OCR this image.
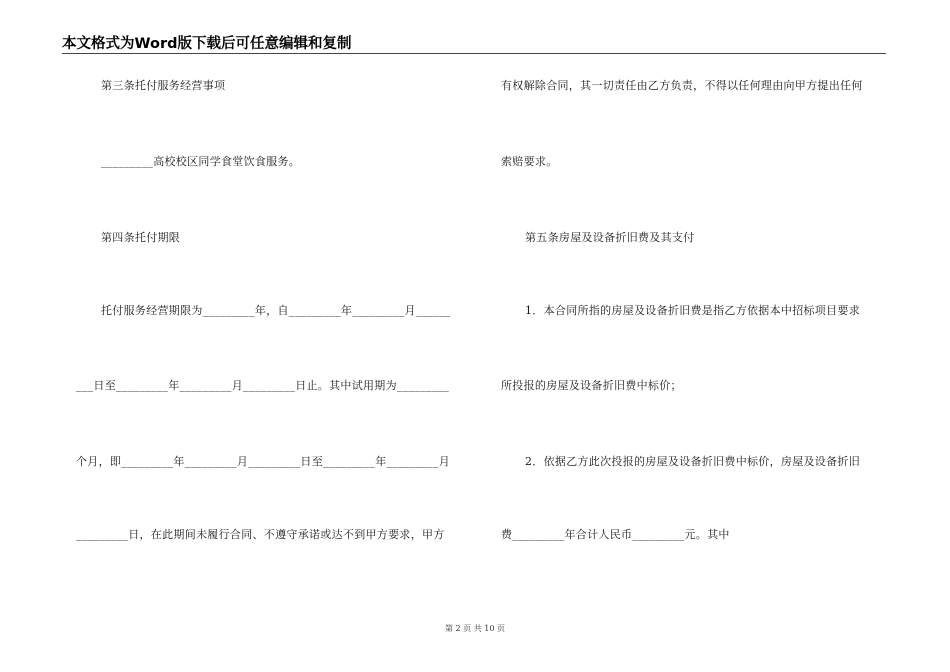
本文格式为Word版下载后可任意编辑和复制
第三条托付服务经营事项
_________高校校区同学食堂饮食服务。
第四条托付期限
托付服务经营期限为_________年，自_________年_________月______
___日至_________年_________月_________日止。其中试用期为_________
个月，即_________年_________月_________日至_________年_________月
_________日，在此期间未履行合同、不遵守承诺或达不到甲方要求，甲方
有权解除合同，其一切责任由乙方负责，不得以任何理由向甲方提出任何
索赔要求。
第五条房屋及设备折旧费及其支付
1．本合同所指的房屋及设备折旧费是指乙方依据本中招标项目要求
所投报的房屋及设备折旧费中标价；
2．依据乙方此次投报的房屋及设备折旧费中标价，房屋及设备折旧
费_________年合计人民币_________元。其中
第 2 页 共 10 页
